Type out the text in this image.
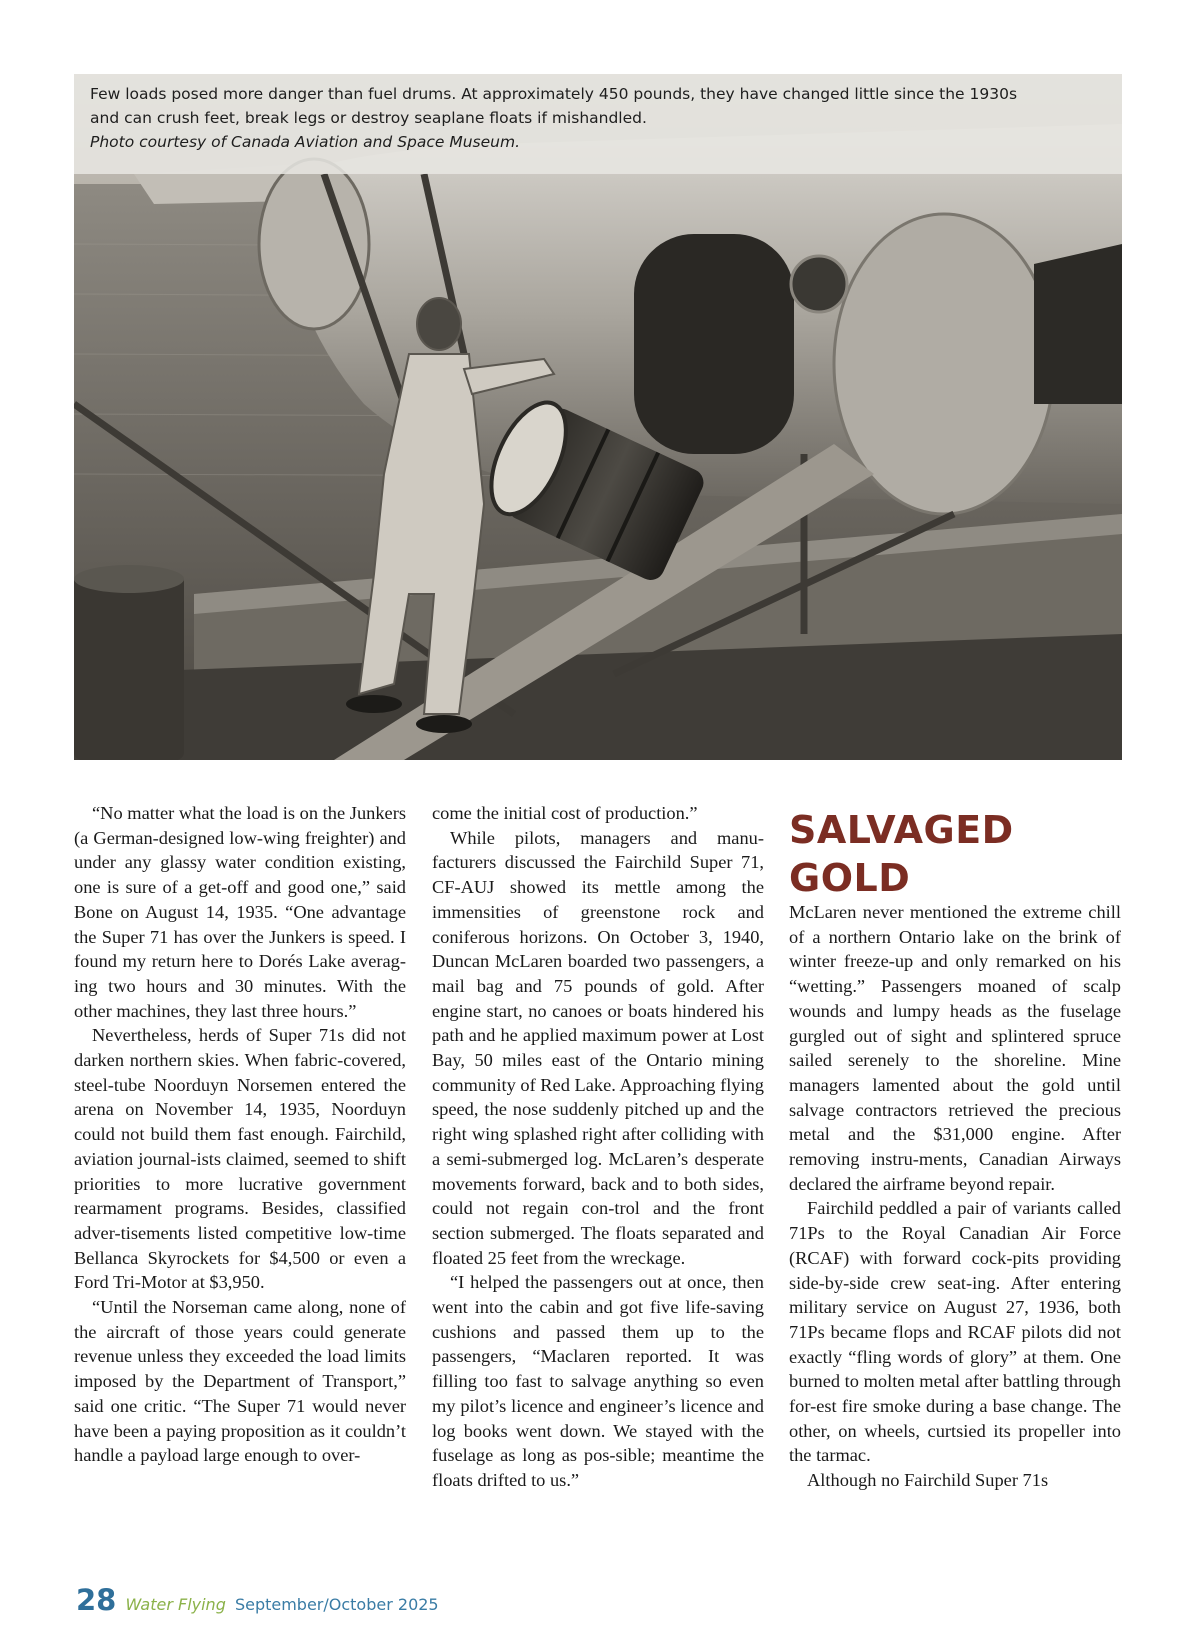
Few loads posed more danger than fuel drums. At approximately 450 pounds, they have changed little since the 1930s
and can crush feet, break legs or destroy seaplane floats if mishandled.
Photo courtesy of Canada Aviation and Space Museum.

“No matter what the load is on the Junkers (a German-designed low-wing freighter) and under any glassy water condition existing, one is sure of a get-off and good one,” said Bone on August 14, 1935. “One advantage the Super 71 has over the Junkers is speed. I found my return here to Dorés Lake averag-ing two hours and 30 minutes. With the other machines, they last three hours.”

Nevertheless, herds of Super 71s did not darken northern skies. When fabric-covered, steel-tube Noorduyn Norsemen entered the arena on November 14, 1935, Noorduyn could not build them fast enough. Fairchild, aviation journal-ists claimed, seemed to shift priorities to more lucrative government rearmament programs. Besides, classified adver-tisements listed competitive low-time Bellanca Skyrockets for $4,500 or even a Ford Tri-Motor at $3,950.

“Until the Norseman came along, none of the aircraft of those years could generate revenue unless they exceeded the load limits imposed by the Department of Transport,” said one critic. “The Super 71 would never have been a paying proposition as it couldn’t handle a payload large enough to over-

come the initial cost of production.”

While pilots, managers and manu-facturers discussed the Fairchild Super 71, CF-AUJ showed its mettle among the immensities of greenstone rock and coniferous horizons. On October 3, 1940, Duncan McLaren boarded two passengers, a mail bag and 75 pounds of gold. After engine start, no canoes or boats hindered his path and he applied maximum power at Lost Bay, 50 miles east of the Ontario mining community of Red Lake. Approaching flying speed, the nose suddenly pitched up and the right wing splashed right after colliding with a semi-submerged log. McLaren’s desperate movements forward, back and to both sides, could not regain con-trol and the front section submerged. The floats separated and floated 25 feet from the wreckage.

“I helped the passengers out at once, then went into the cabin and got five life-saving cushions and passed them up to the passengers, “Maclaren reported. It was filling too fast to salvage anything so even my pilot’s licence and engineer’s licence and log books went down. We stayed with the fuselage as long as pos-sible; meantime the floats drifted to us.”

SALVAGED
GOLD

McLaren never mentioned the extreme chill of a northern Ontario lake on the brink of winter freeze-up and only remarked on his “wetting.” Passengers moaned of scalp wounds and lumpy heads as the fuselage gurgled out of sight and splintered spruce sailed serenely to the shoreline. Mine managers lamented about the gold until salvage contractors retrieved the precious metal and the $31,000 engine. After removing instru-ments, Canadian Airways declared the airframe beyond repair.

Fairchild peddled a pair of variants called 71Ps to the Royal Canadian Air Force (RCAF) with forward cock-pits providing side-by-side crew seat-ing. After entering military service on August 27, 1936, both 71Ps became flops and RCAF pilots did not exactly “fling words of glory” at them. One burned to molten metal after battling through for-est fire smoke during a base change. The other, on wheels, curtsied its propeller into the tarmac.

Although no Fairchild Super 71s

28 Water Flying September/October 2025
